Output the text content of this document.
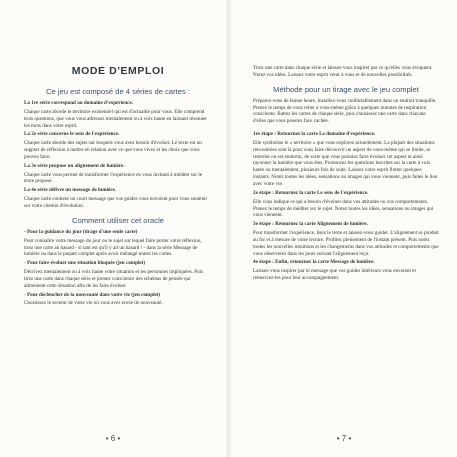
MODE D'EMPLOI
Ce jeu est composé de 4 séries de cartes :

La 1re série correspond au domaine d'expérience.

Chaque carte aborde le territoire existentiel qui est d'actualité pour vous. Elle comprend trois questions, que vous vous adressez mentalement ou à voix haute en laissant résonner les mots dans votre esprit.

La 2e série concerne le sens de l'expérience.

Chaque carte aborde des sujets sur lesquels vous avez besoin d'évoluer. Le texte est un support de réflexion à mettre en relation avec ce que vous vivez et les choix que vous pouvez faire.

La 3e série propose un alignement de lumière.

Chaque carte vous permet de transformer l'expérience en vous invitant à méditer sur le texte proposé.

La 4e série délivre un message de lumière.

Chaque carte contient un court message que vos guides vous envoient pour vous soutenir sur votre chemin d'évolution.

Comment utiliser cet oracle

- Pour la guidance du jour (tirage d'une seule carte)

Pour connaître votre message du jour ou le sujet sur lequel faire porter votre réflexion, tirez une carte au hasard - si tant est qu'il y ait un hasard ! - dans la série Message de lumière ou dans le paquet complet après avoir mélangé toutes les cartes.

- Pour faire évoluer une situation bloquée (jeu complet)

Décrivez mentalement ou à voix haute votre situation et les personnes impliquées. Puis tirez une carte dans chaque série et prenez conscience des schémas de pensée qui alimentent cette situation afin de les faire évoluer.

- Pour déclencher de la nouveauté dans votre vie (jeu complet)

Choisissez le secteur de votre vie où vous avez envie de nouveauté.

• 6 •

Tirez une carte dans chaque série et laissez-vous inspirer par ce qu'elles vous évoquent. Notez vos idées. Laissez votre esprit venir à vous et de nouvelles possibilités.

Méthode pour un tirage avec le jeu complet

Préparez-vous de bonne heure, installez-vous confortablement dans un endroit tranquille. Prenez le temps de vous relier à vous-même grâce à quelques minutes de respiration consciente. Battez les cartes de chaque série, puis choisissez une carte dans chacune d'elles que vous poserez face cachée.

1re étape : Retournez la carte Le domaine d'expérience.

Elle symbolise le « territoire » que vous explorez actuellement. La plupart des situations rencontrées sont là pour vous faire découvrir un aspect de vous-même qui se limite, se restreint ou est endormi, de sorte que vous puissiez faire évoluer cet aspect et ainsi rayonner la lumière que vous êtes. Prononcez les questions inscrites sur la carte à voix haute ou mentalement, plusieurs fois de suite. Laissez votre esprit flotter quelques instants. Notez toutes les idées, sensations ou images qui vous viennent, puis faites le lien avec votre vie.

2e étape : Retournez la carte Le sens de l'expérience.

Elle vous indique ce qui a besoin d'évoluer dans vos attitudes ou vos comportements. Prenez le temps de méditer sur le sujet. Notez toutes les idées, sensations ou images qui vous viennent.

3e étape : Retournez la carte Alignement de lumière.

Pour transformer l'expérience, lisez le texte et laissez-vous guider. L'alignement se produit au fur et à mesure de votre lecture. Profitez pleinement de l'instant présent. Puis notez toutes les nouvelles intuitions et les changements dans vos attitudes et comportements que vous observerez dans les jours suivant l'alignement reçu.

4e étape : Enfin, retournez la carte Message de lumière.

Laissez-vous inspirer par le message que vos guides intérieurs vous envoient et remerciez-les pour leur accompagnement.

• 7 •
